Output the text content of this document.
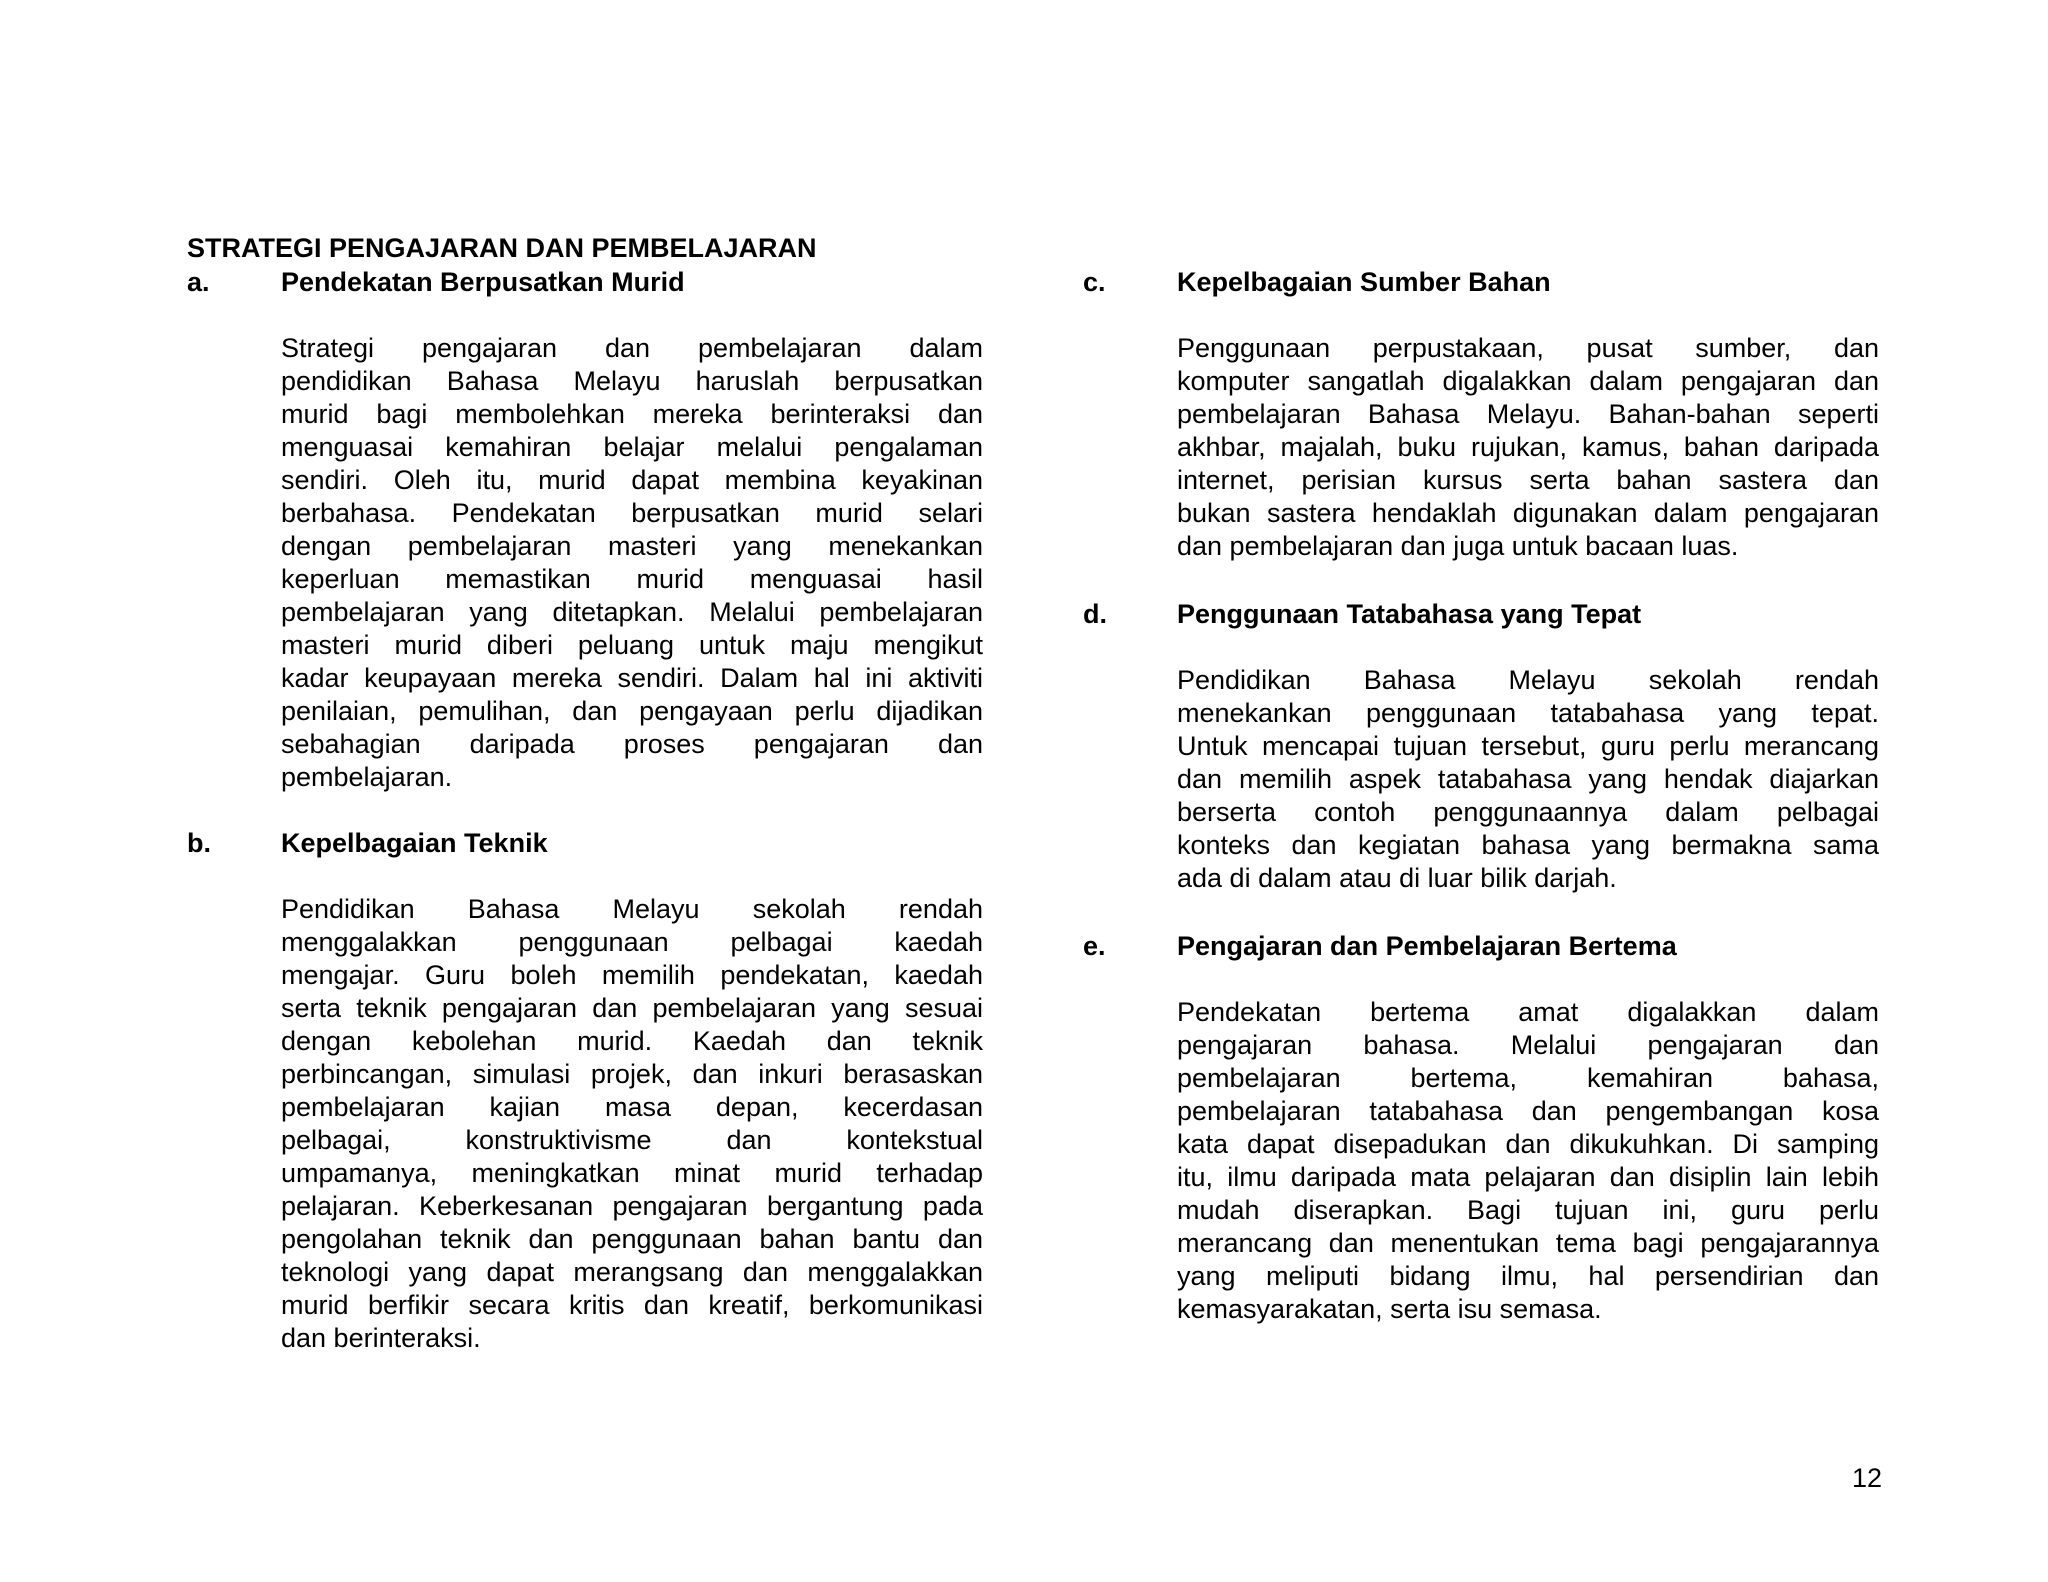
STRATEGI PENGAJARAN DAN PEMBELAJARAN
a.	Pendekatan Berpusatkan Murid
Strategi pengajaran dan pembelajaran dalam
pendidikan Bahasa Melayu haruslah berpusatkan
murid bagi membolehkan mereka berinteraksi dan
menguasai kemahiran belajar melalui pengalaman
sendiri. Oleh itu, murid dapat membina keyakinan
berbahasa. Pendekatan berpusatkan murid selari
dengan pembelajaran masteri yang menekankan
keperluan memastikan murid menguasai hasil
pembelajaran yang ditetapkan. Melalui pembelajaran
masteri murid diberi peluang untuk maju mengikut
kadar keupayaan mereka sendiri. Dalam hal ini aktiviti
penilaian, pemulihan, dan pengayaan perlu dijadikan
sebahagian daripada proses pengajaran dan
pembelajaran.
b.	Kepelbagaian Teknik
Pendidikan Bahasa Melayu sekolah rendah
menggalakkan penggunaan pelbagai kaedah
mengajar. Guru boleh memilih pendekatan, kaedah
serta teknik pengajaran dan pembelajaran yang sesuai
dengan kebolehan murid. Kaedah dan teknik
perbincangan, simulasi projek, dan inkuri berasaskan
pembelajaran kajian masa depan, kecerdasan
pelbagai, konstruktivisme dan kontekstual
umpamanya, meningkatkan minat murid terhadap
pelajaran. Keberkesanan pengajaran bergantung pada
pengolahan teknik dan penggunaan bahan bantu dan
teknologi yang dapat merangsang dan menggalakkan
murid berfikir secara kritis dan kreatif, berkomunikasi
dan berinteraksi.
c.	Kepelbagaian Sumber Bahan
Penggunaan perpustakaan, pusat sumber, dan
komputer sangatlah digalakkan dalam pengajaran dan
pembelajaran Bahasa Melayu. Bahan-bahan seperti
akhbar, majalah, buku rujukan, kamus, bahan daripada
internet, perisian kursus serta bahan sastera dan
bukan sastera hendaklah digunakan dalam pengajaran
dan pembelajaran dan juga untuk bacaan luas.
d.	Penggunaan Tatabahasa yang Tepat
Pendidikan Bahasa Melayu sekolah rendah
menekankan penggunaan tatabahasa yang tepat.
Untuk mencapai tujuan tersebut, guru perlu merancang
dan memilih aspek tatabahasa yang hendak diajarkan
berserta contoh penggunaannya dalam pelbagai
konteks dan kegiatan bahasa yang bermakna sama
ada di dalam atau di luar bilik darjah.
e.	Pengajaran dan Pembelajaran Bertema
Pendekatan bertema amat digalakkan dalam
pengajaran bahasa. Melalui pengajaran dan
pembelajaran bertema, kemahiran bahasa,
pembelajaran tatabahasa dan pengembangan kosa
kata dapat disepadukan dan dikukuhkan. Di samping
itu, ilmu daripada mata pelajaran dan disiplin lain lebih
mudah diserapkan. Bagi tujuan ini, guru perlu
merancang dan menentukan tema bagi pengajarannya
yang meliputi bidang ilmu, hal persendirian dan
kemasyarakatan, serta isu semasa.
12
